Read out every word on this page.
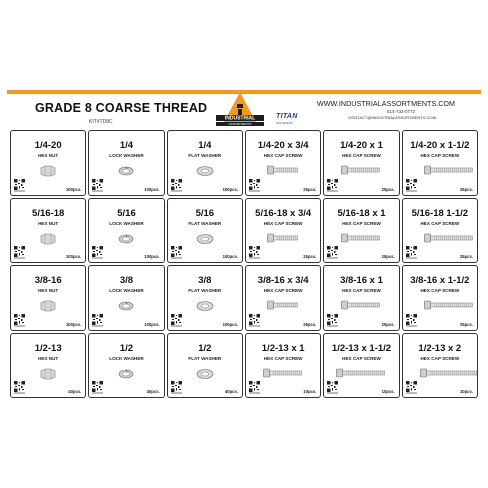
GRADE 8 COARSE THREAD
KIT#TD8C
INDUSTRIAL
ASSORTMENTS
TITAN
FASTENERS
WWW.INDUSTRIALASSORTMENTS.COM
614-733-0772
CONTACT@INDUSTRIALASSORTMENTS.COM
1/4-20
HEX NUT
100pcs.
1/4
LOCK WASHER
100pcs.
1/4
FLAT WASHER
100pcs.
1/4-20 x 3/4
HEX CAP SCREW
25pcs.
1/4-20 x 1
HEX CAP SCREW
25pcs.
1/4-20 x 1-1/2
HEX CAP SCREW
25pcs.
5/16-18
HEX NUT
100pcs.
5/16
LOCK WASHER
100pcs.
5/16
FLAT WASHER
100pcs.
5/16-18 x 3/4
HEX CAP SCREW
25pcs.
5/16-18 x 1
HEX CAP SCREW
25pcs.
5/16-18 1-1/2
HEX CAP SCREW
25pcs.
3/8-16
HEX NUT
100pcs.
3/8
LOCK WASHER
100pcs.
3/8
FLAT WASHER
100pcs.
3/8-16 x 3/4
HEX CAP SCREW
25pcs.
3/8-16 x 1
HEX CAP SCREW
25pcs.
3/8-16 x 1-1/2
HEX CAP SCREW
25pcs.
1/2-13
HEX NUT
40pcs.
1/2
LOCK WASHER
40pcs.
1/2
FLAT WASHER
40pcs.
1/2-13 x 1
HEX CAP SCREW
10pcs.
1/2-13 x 1-1/2
HEX CAP SCREW
10pcs.
1/2-13 x 2
HEX CAP SCREW
10pcs.
